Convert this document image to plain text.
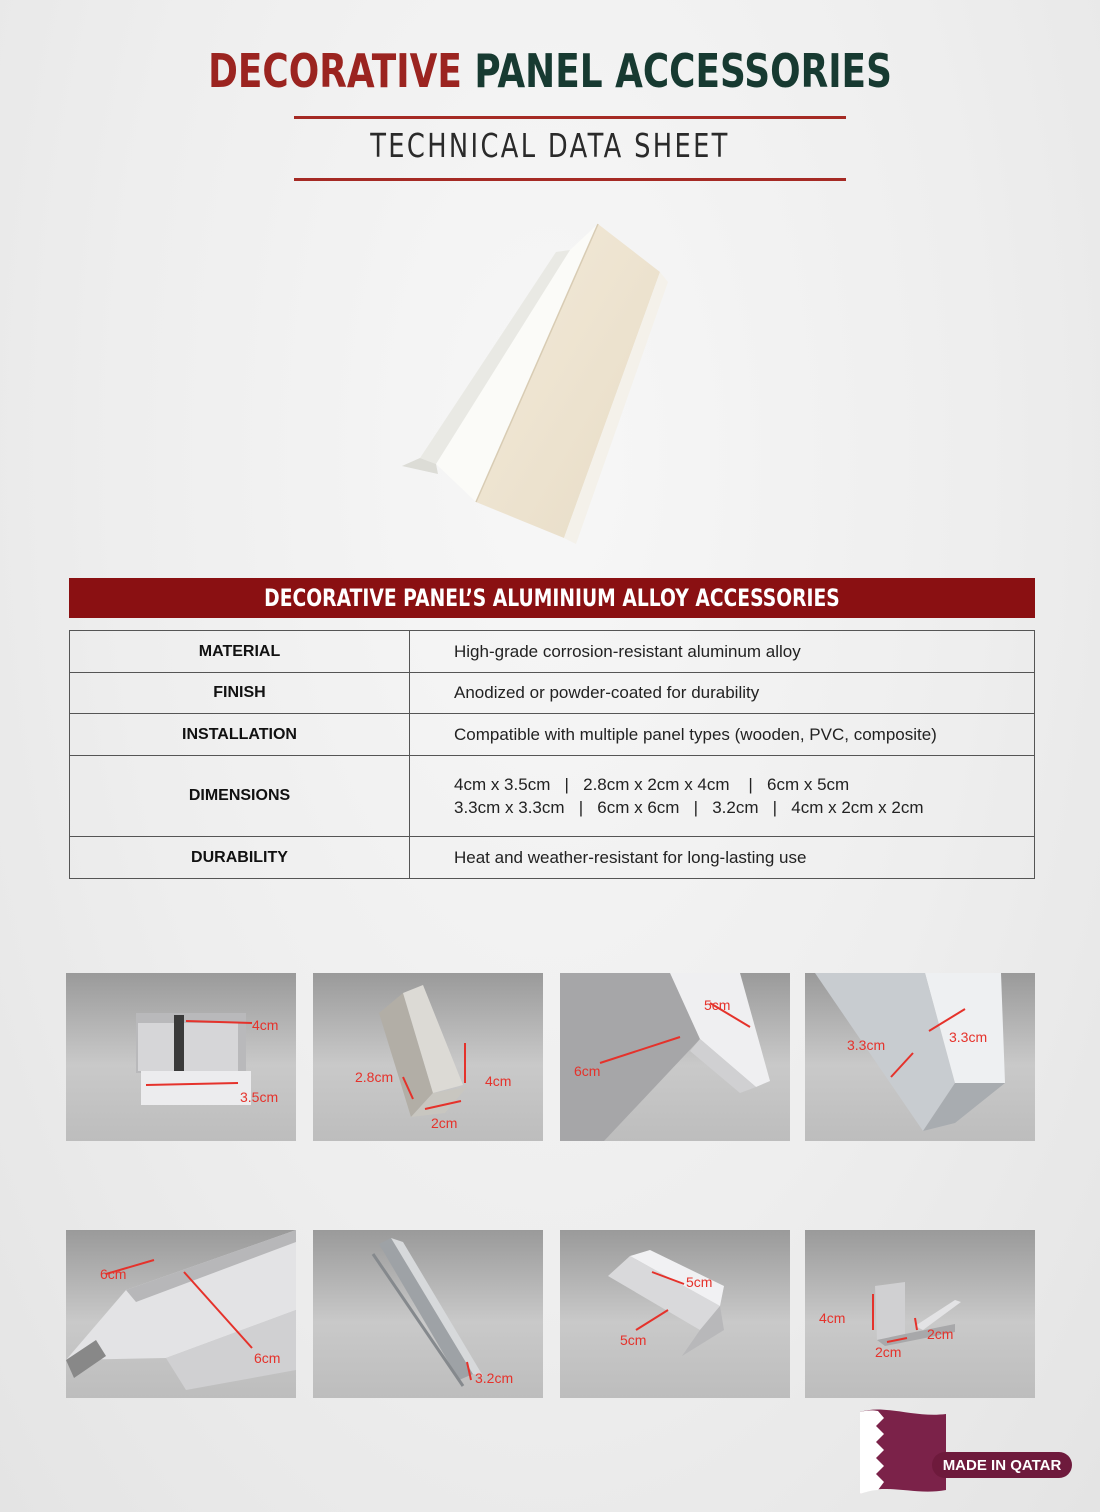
DECORATIVE PANEL ACCESSORIES
TECHNICAL DATA SHEET
DECORATIVE PANEL’S ALUMINIUM ALLOY ACCESSORIES
MATERIAL	High-grade corrosion-resistant aluminum alloy
FINISH	Anodized or powder-coated for durability
INSTALLATION	Compatible with multiple panel types (wooden, PVC, composite)
DIMENSIONS	4cm x 3.5cm   |   2.8cm x 2cm x 4cm    |   6cm x 5cm
3.3cm x 3.3cm   |   6cm x 6cm   |   3.2cm   |   4cm x 2cm x 2cm

DURABILITY	Heat and weather-resistant for long-lasting use
4cm
3.5cm
2.8cm	4cm
2cm
5cm
6cm
3.3cm	3.3cm
6cm
6cm
3.2cm
5cm
5cm
4cm
2cm
2cm
MADE IN QATAR
